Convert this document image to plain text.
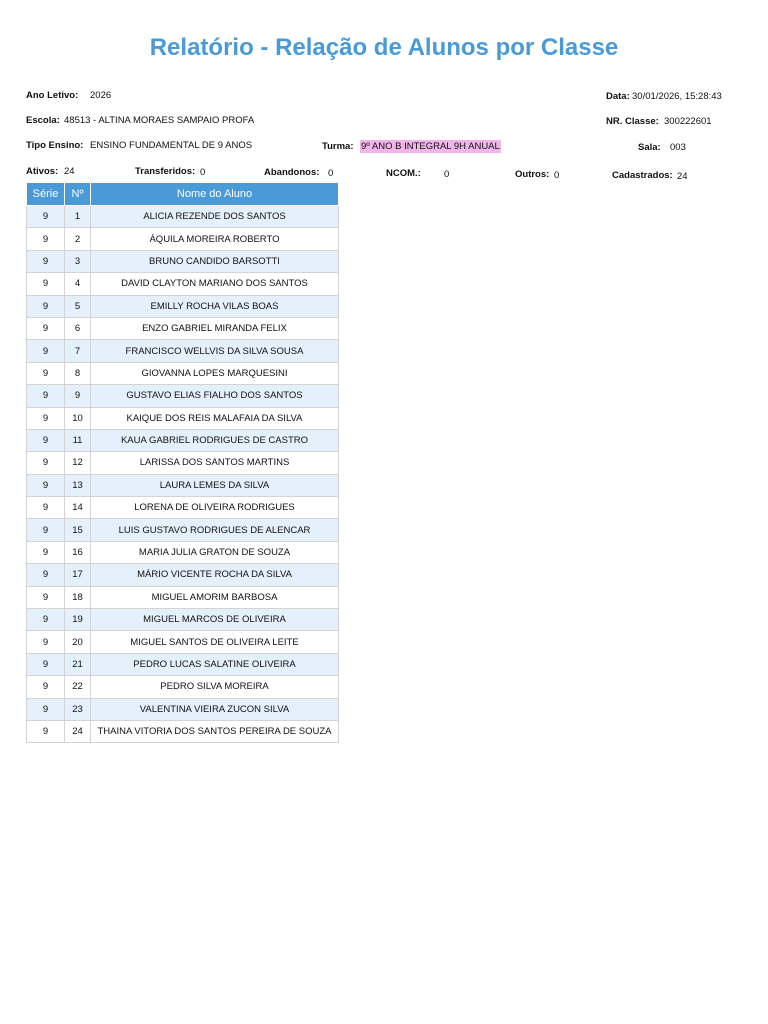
Relatório - Relação de Alunos por Classe
Ano Letivo: 2026	Data: 30/01/2026, 15:28:43
Escola: 48513 - ALTINA MORAES SAMPAIO PROFA	NR. Classe: 300222601
Tipo Ensino: ENSINO FUNDAMENTAL DE 9 ANOS	Turma: 9º ANO B INTEGRAL 9H ANUAL	Sala: 003
Ativos: 24	Transferidos: 0	Abandonos: 0	NCOM.: 0	Outros: 0	Cadastrados: 24
Série	Nº	Nome do Aluno
9	1	ALICIA REZENDE DOS SANTOS
9	2	ÁQUILA MOREIRA ROBERTO
9	3	BRUNO CANDIDO BARSOTTI
9	4	DAVID CLAYTON MARIANO DOS SANTOS
9	5	EMILLY ROCHA VILAS BOAS
9	6	ENZO GABRIEL MIRANDA FELIX
9	7	FRANCISCO WELLVIS DA SILVA SOUSA
9	8	GIOVANNA LOPES MARQUESINI
9	9	GUSTAVO ELIAS FIALHO DOS SANTOS
9	10	KAIQUE DOS REIS MALAFAIA DA SILVA
9	11	KAUA GABRIEL RODRIGUES DE CASTRO
9	12	LARISSA DOS SANTOS MARTINS
9	13	LAURA LEMES DA SILVA
9	14	LORENA DE OLIVEIRA RODRIGUES
9	15	LUIS GUSTAVO RODRIGUES DE ALENCAR
9	16	MARIA JULIA GRATON DE SOUZA
9	17	MÁRIO VICENTE ROCHA DA SILVA
9	18	MIGUEL AMORIM BARBOSA
9	19	MIGUEL MARCOS DE OLIVEIRA
9	20	MIGUEL SANTOS DE OLIVEIRA LEITE
9	21	PEDRO LUCAS SALATINE OLIVEIRA
9	22	PEDRO SILVA MOREIRA
9	23	VALENTINA VIEIRA ZUCON SILVA
9	24	THAINA VITORIA DOS SANTOS PEREIRA DE SOUZA
